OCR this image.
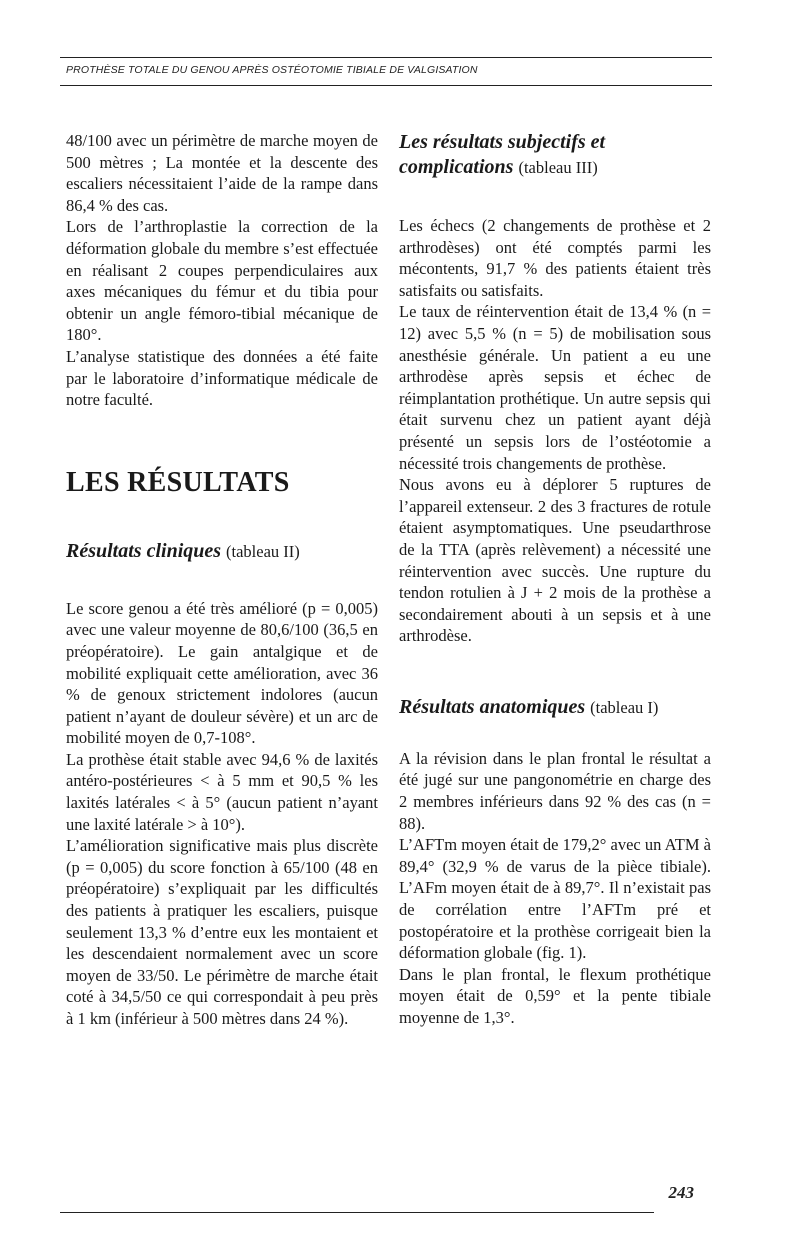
PROTHÈSE TOTALE DU GENOU APRÈS OSTÉOTOMIE TIBIALE DE VALGISATION

48/100 avec un périmètre de marche moyen de 500 mètres ; La montée et la descente des escaliers nécessitaient l’aide de la rampe dans 86,4 % des cas.

Lors de l’arthroplastie la correction de la déformation globale du membre s’est effectuée en réalisant 2 coupes perpendiculaires aux axes mécaniques du fémur et du tibia pour obtenir un angle fémoro-tibial mécanique de 180°.

L’analyse statistique des données a été faite par le laboratoire d’informatique médicale de notre faculté.

LES RÉSULTATS
Résultats cliniques (tableau II)

Le score genou a été très amélioré (p = 0,005) avec une valeur moyenne de 80,6/100 (36,5 en préopératoire). Le gain antalgique et de mobilité expliquait cette amélioration, avec 36 % de genoux strictement indolores (aucun patient n’ayant de douleur sévère) et un arc de mobilité moyen de 0,7-108°.

La prothèse était stable avec 94,6 % de laxités antéro-postérieures < à 5 mm et 90,5 % les laxités latérales < à 5° (aucun patient n’ayant une laxité latérale > à 10°).

L’amélioration significative mais plus discrète (p = 0,005) du score fonction à 65/100 (48 en préopératoire) s’expliquait par les difficultés des patients à pratiquer les escaliers, puisque seulement 13,3 % d’entre eux les montaient et les descendaient normalement avec un score moyen de 33/50. Le périmètre de marche était coté à 34,5/50 ce qui correspondait à peu près à 1 km (inférieur à 500 mètres dans 24 %).

Les résultats subjectifs et complications (tableau III)

Les échecs (2 changements de prothèse et 2 arthrodèses) ont été comptés parmi les mécontents, 91,7 % des patients étaient très satisfaits ou satisfaits.

Le taux de réintervention était de 13,4 % (n = 12) avec 5,5 % (n = 5) de mobilisation sous anesthésie générale. Un patient a eu une arthrodèse après sepsis et échec de réimplantation prothétique. Un autre sepsis qui était survenu chez un patient ayant déjà présenté un sepsis lors de l’ostéotomie a nécessité trois changements de prothèse.

Nous avons eu à déplorer 5 ruptures de l’appareil extenseur. 2 des 3 fractures de rotule étaient asymptomatiques. Une pseudarthrose de la TTA (après relèvement) a nécessité une réintervention avec succès. Une rupture du tendon rotulien à J + 2 mois de la prothèse a secondairement abouti à un sepsis et à une arthrodèse.

Résultats anatomiques (tableau I)

A la révision dans le plan frontal le résultat a été jugé sur une pangonométrie en charge des 2 membres inférieurs dans 92 % des cas (n = 88).

L’AFTm moyen était de 179,2° avec un ATM à 89,4° (32,9 % de varus de la pièce tibiale). L’AFm moyen était de à 89,7°. Il n’existait pas de corrélation entre l’AFTm pré et postopératoire et la prothèse corrigeait bien la déformation globale (fig. 1).

Dans le plan frontal, le flexum prothétique moyen était de 0,59° et la pente tibiale moyenne de 1,3°.

243
